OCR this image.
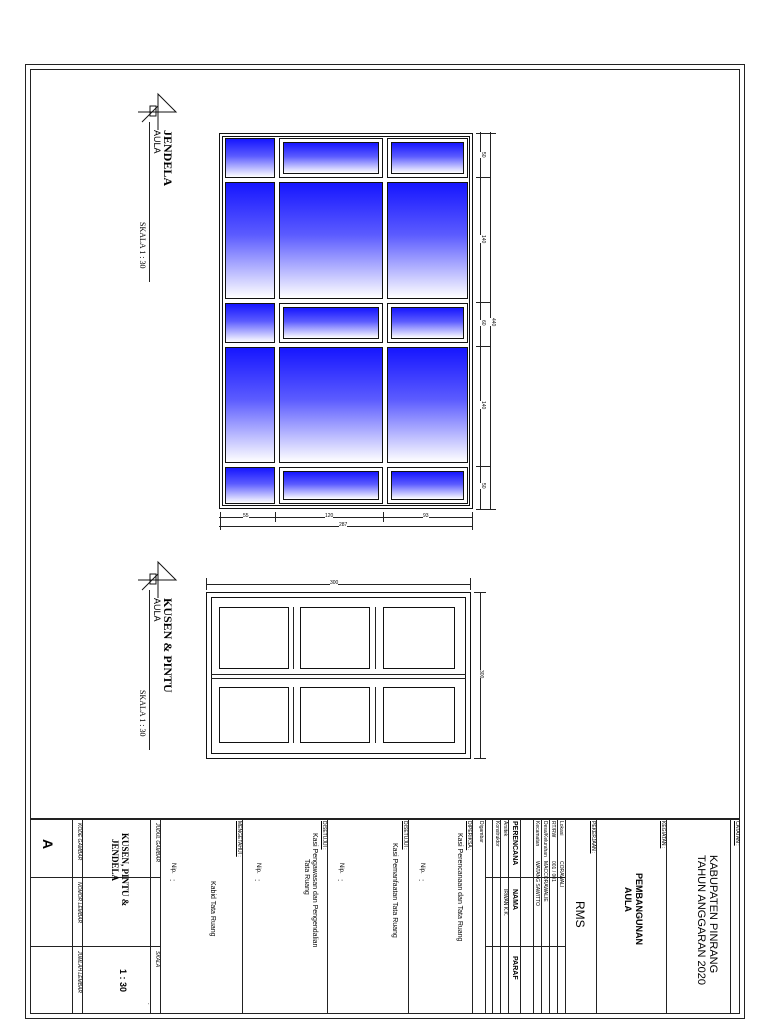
JENDELA
AULA
SKALA 1 : 30
50
140
60
140
50
440
55	120	93
287
KUSEN & PINTU
AULA
SKALA 1 : 30
300
300
A	KODE GAMBAR
NOMOR LEMBAR
JUMLAH LEMBAR
KUSEN, PINTU &
JENDELA
1 : 30
JUDUL GAMBAR
SKALA
.
MENGETAHUI :
Kabid Tata Ruang
Nip.
:
DISETUJUI :
Kasi Pengawasan dan Pengendalian
Tata Ruang
Nip.
:
DISETUJUI :
Kasi Pemanfaatan Tata Ruang
Nip.
:
DIPERIKSA :
Kasi Perencanaan dan Tata Ruang
Nip.
:
Digambar Konstruktor Arsitek
IRWAN K.K.
PERENCANA
NAMA
PARAF
Kecamatan
WATANG SAWITTO
Desa/Kelurahan
MACCORAWALIE
RT/RW
001 / 001
Lokasi
CORAWALI
PEKERJAAN :
RMS
KEGIATAN :
PEMBANGUNAN
AULA
CATATAN :
KABUPATEN PINRANG
TAHUN ANGGARAN 2020
